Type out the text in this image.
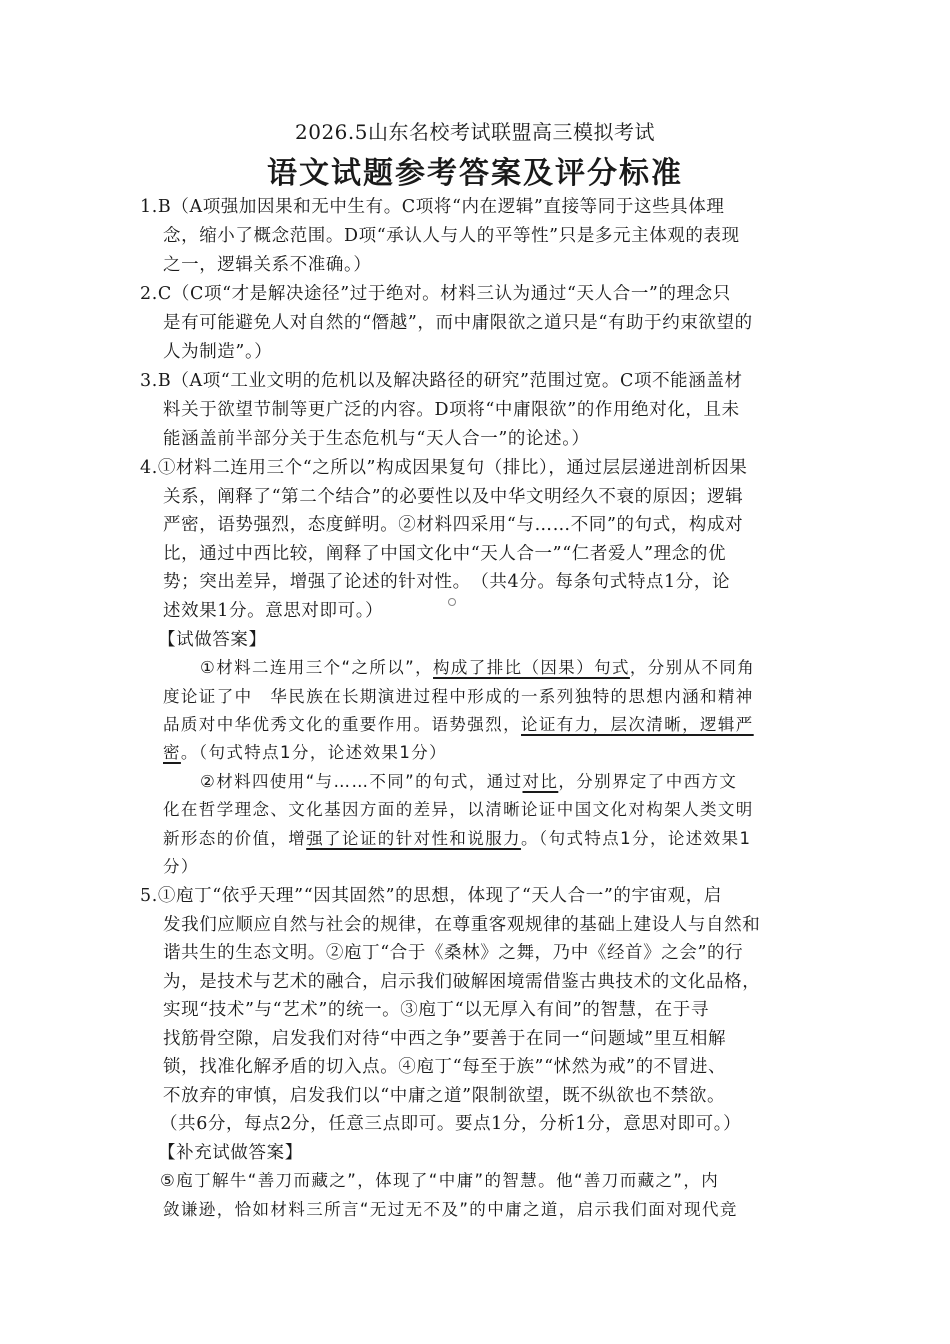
2026.5山东名校考试联盟高三模拟考试
语文试题参考答案及评分标准
1.B（A项强加因果和无中生有。C项将“内在逻辑”直接等同于这些具体理
念，缩小了概念范围。D项“承认人与人的平等性”只是多元主体观的表现
之一，逻辑关系不准确。）
2.C（C项“才是解决途径”过于绝对。材料三认为通过“天人合一”的理念只
是有可能避免人对自然的“僭越”，而中庸限欲之道只是“有助于约束欲望的
人为制造”。）
3.B（A项“工业文明的危机以及解决路径的研究”范围过宽。C项不能涵盖材
料关于欲望节制等更广泛的内容。D项将“中庸限欲”的作用绝对化，且未
能涵盖前半部分关于生态危机与“天人合一”的论述。）
4.①材料二连用三个“之所以”构成因果复句（排比），通过层层递进剖析因果
关系，阐释了“第二个结合”的必要性以及中华文明经久不衰的原因；逻辑
严密，语势强烈，态度鲜明。②材料四采用“与……不同”的句式，构成对
比，通过中西比较，阐释了中国文化中“天人合一”“仁者爱人”理念的优
势；突出差异，增强了论述的针对性。　（共4分。每条句式特点1分，论
述效果1分。意思对即可。）
【试做答案】
①材料二连用三个“之所以”，构成了排比（因果）句式，分别从不同角
度论证了中　华民族在长期演进过程中形成的一系列独特的思想内涵和精神
品质对中华优秀文化的重要作用。语势强烈，论证有力，层次清晰，逻辑严
密。（句式特点1分，论述效果1分）
②材料四使用“与……不同”的句式，通过对比，分别界定了中西方文
化在哲学理念、文化基因方面的差异，以清晰论证中国文化对构架人类文明
新形态的价值，增强了论证的针对性和说服力。（句式特点1分，论述效果1
分）
5.①庖丁“依乎天理”“因其固然”的思想，体现了“天人合一”的宇宙观，启
发我们应顺应自然与社会的规律，在尊重客观规律的基础上建设人与自然和
谐共生的生态文明。②庖丁“合于《桑林》之舞，乃中《经首》之会”的行
为，是技术与艺术的融合，启示我们破解困境需借鉴古典技术的文化品格，
实现“技术”与“艺术”的统一。③庖丁“以无厚入有间”的智慧，在于寻
找筋骨空隙，启发我们对待“中西之争”要善于在同一“问题域”里互相解
锁，找准化解矛盾的切入点。④庖丁“每至于族”“怵然为戒”的不冒进、
不放弃的审慎，启发我们以“中庸之道”限制欲望，既不纵欲也不禁欲。
（共6分，每点2分，任意三点即可。要点1分，分析1分，意思对即可。）
【补充试做答案】
⑤庖丁解牛“善刀而藏之”，体现了“中庸”的智慧。他“善刀而藏之”，内
敛谦逊，恰如材料三所言“无过无不及”的中庸之道，启示我们面对现代竞
